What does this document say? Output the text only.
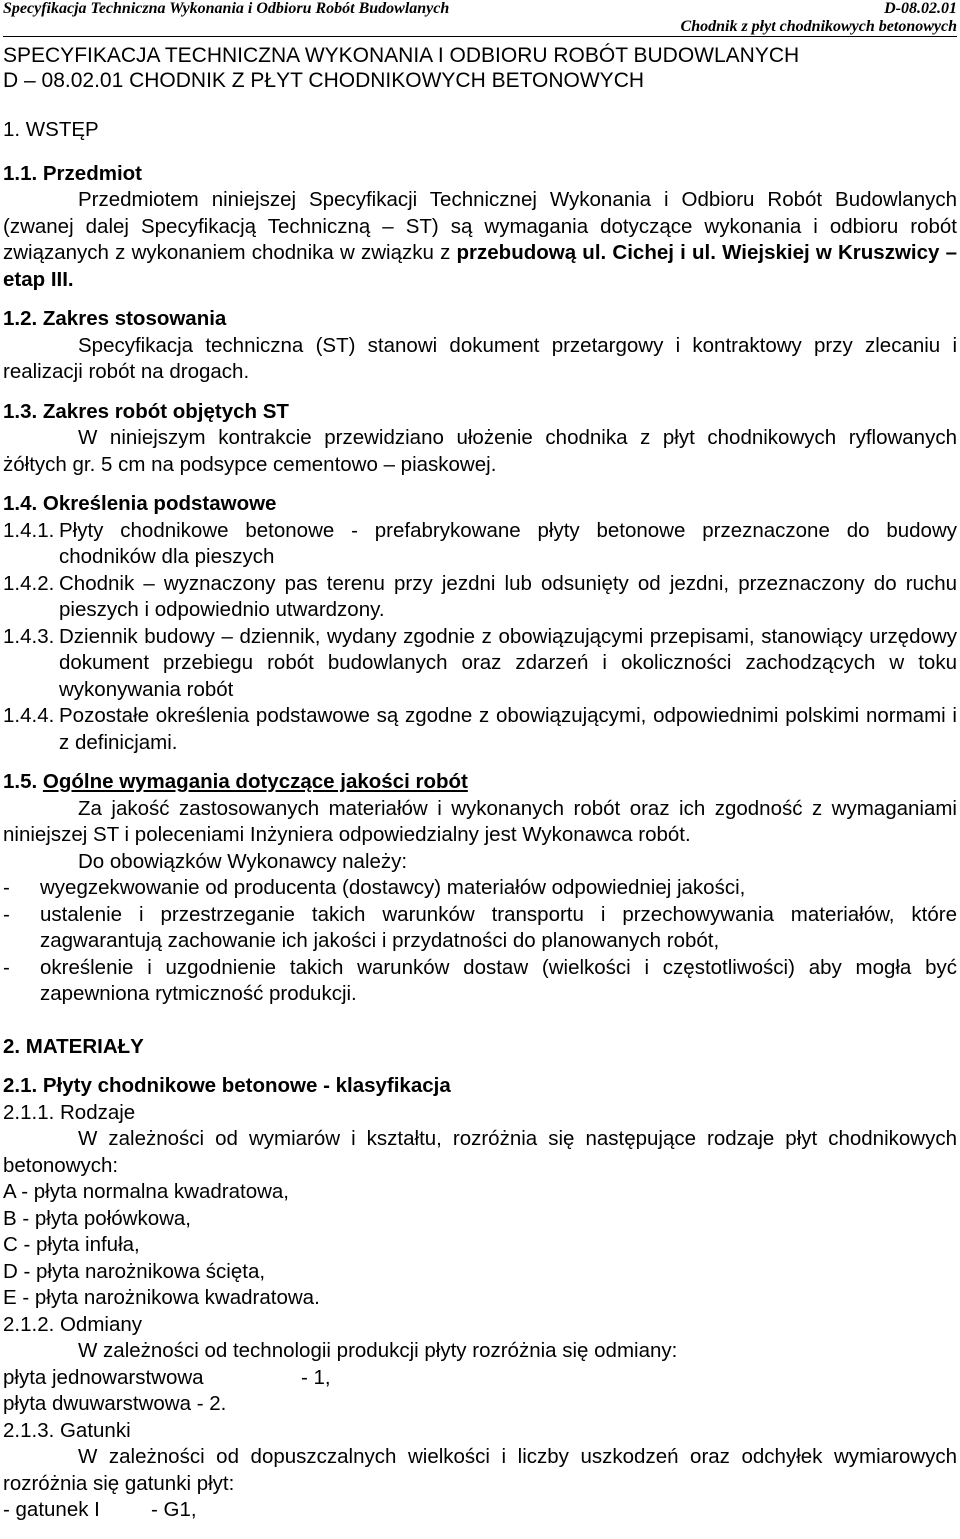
Specyfikacja Techniczna Wykonania i Odbioru Robót Budowlanych	D-08.02.01
Chodnik z płyt chodnikowych betonowych
SPECYFIKACJA TECHNICZNA WYKONANIA I ODBIORU ROBÓT BUDOWLANYCH
D – 08.02.01 CHODNIK Z PŁYT CHODNIKOWYCH BETONOWYCH
1. WSTĘP
1.1. Przedmiot

Przedmiotem niniejszej Specyfikacji Technicznej Wykonania i Odbioru Robót Budowlanych (zwanej dalej Specyfikacją Techniczną – ST) są wymagania dotyczące wykonania i odbioru robót związanych z wykonaniem chodnika w związku z przebudową ul. Cichej i ul. Wiejskiej w Kruszwicy – etap III.

1.2. Zakres stosowania

Specyfikacja techniczna (ST) stanowi dokument przetargowy i kontraktowy przy zlecaniu i realizacji robót na drogach.

1.3. Zakres robót objętych ST

W niniejszym kontrakcie przewidziano ułożenie chodnika z płyt chodnikowych ryflowanych żółtych gr. 5 cm na podsypce cementowo – piaskowej.

1.4. Określenia podstawowe
1.4.1. Płyty chodnikowe betonowe - prefabrykowane płyty betonowe przeznaczone do budowy chodników dla pieszych
1.4.2. Chodnik – wyznaczony pas terenu przy jezdni lub odsunięty od jezdni, przeznaczony do ruchu pieszych i odpowiednio utwardzony.
1.4.3. Dziennik budowy – dziennik, wydany zgodnie z obowiązującymi przepisami, stanowiący urzędowy dokument przebiegu robót budowlanych oraz zdarzeń i okoliczności zachodzących w toku wykonywania robót
1.4.4. Pozostałe określenia podstawowe są zgodne z obowiązującymi, odpowiednimi polskimi normami i z definicjami.
1.5. Ogólne wymagania dotyczące jakości robót

Za jakość zastosowanych materiałów i wykonanych robót oraz ich zgodność z wymaganiami niniejszej ST i poleceniami Inżyniera odpowiedzialny jest Wykonawca robót.

Do obowiązków Wykonawcy należy:

- wyegzekwowanie od producenta (dostawcy) materiałów odpowiedniej jakości,
- ustalenie i przestrzeganie takich warunków transportu i przechowywania materiałów, które zagwarantują zachowanie ich jakości i przydatności do planowanych robót,
- określenie i uzgodnienie takich warunków dostaw (wielkości i częstotliwości) aby mogła być zapewniona rytmiczność produkcji.
2. MATERIAŁY
2.1. Płyty chodnikowe betonowe - klasyfikacja
2.1.1. Rodzaje

W zależności od wymiarów i kształtu, rozróżnia się następujące rodzaje płyt chodnikowych betonowych:

A - płyta normalna kwadratowa,
B - płyta połówkowa,
C - płyta infuła,
D - płyta narożnikowa ścięta,
E - płyta narożnikowa kwadratowa.
2.1.2. Odmiany
W zależności od technologii produkcji płyty rozróżnia się odmiany:
płyta jednowarstwowa	- 1,
płyta dwuwarstwowa - 2.
2.1.3. Gatunki

W zależności od dopuszczalnych wielkości i liczby uszkodzeń oraz odchyłek wymiarowych rozróżnia się gatunki płyt:

- gatunek I - G1,
